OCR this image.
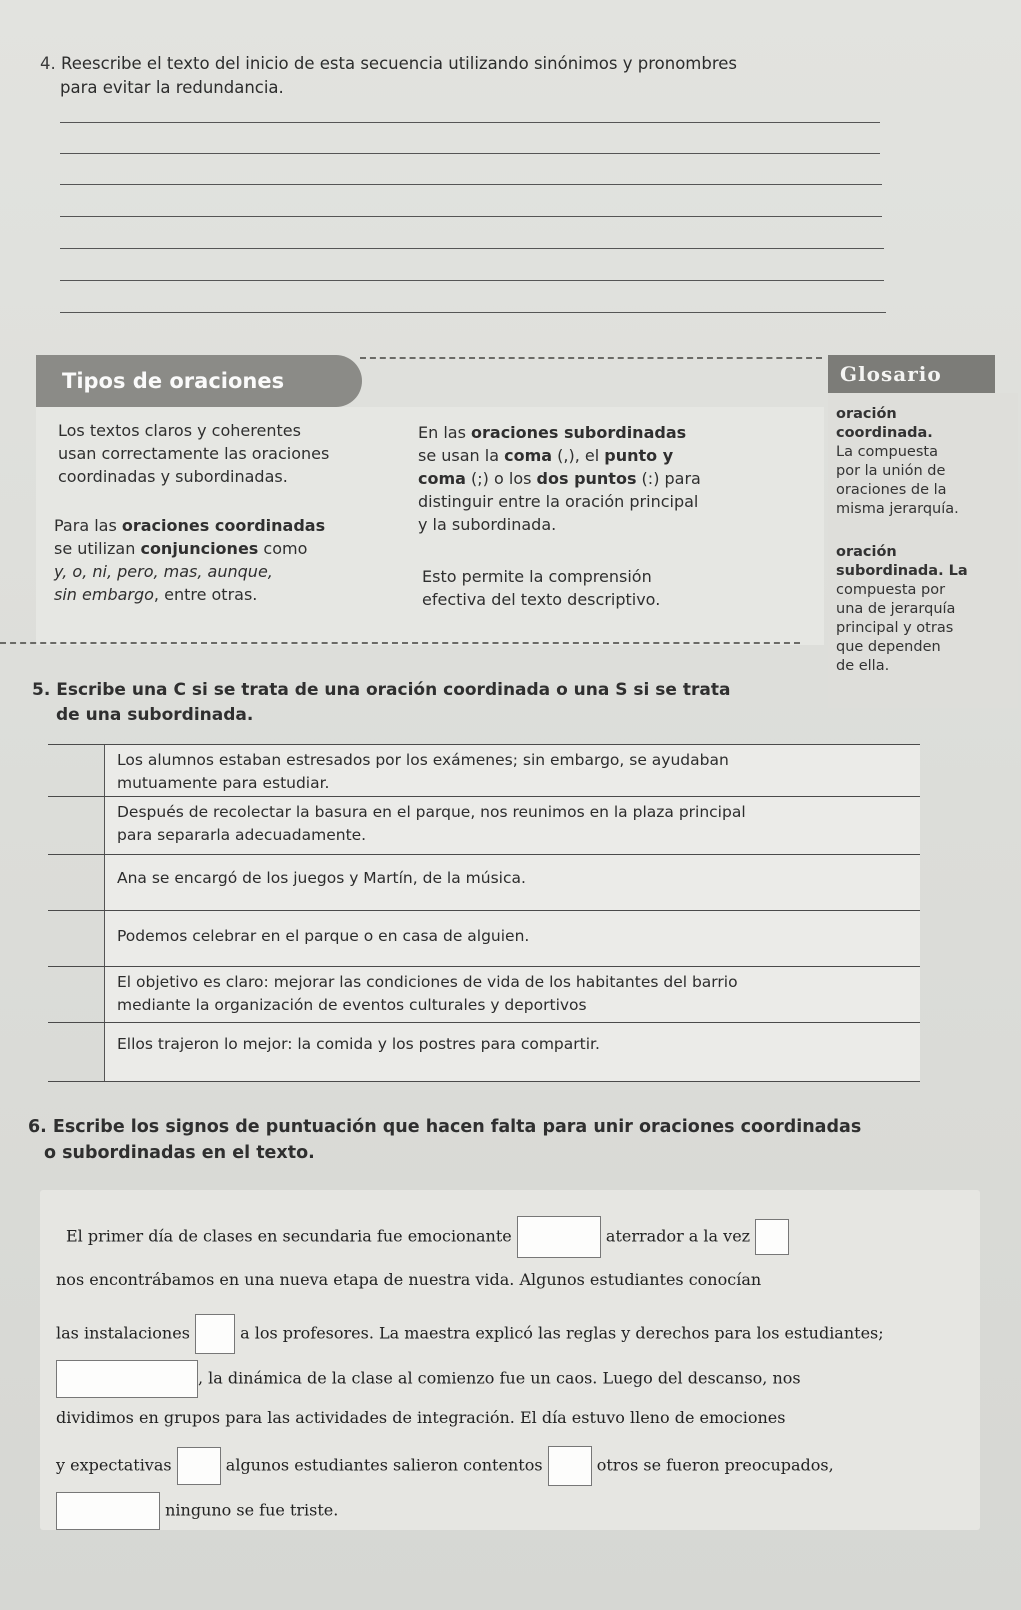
4. Reescribe el texto del inicio de esta secuencia utilizando sinónimos y pronombres
para evitar la redundancia.
Los textos claros y coherentes
usan correctamente las oraciones
coordinadas y subordinadas.
Para las oraciones coordinadas
se utilizan conjunciones como
y, o, ni, pero, mas, aunque,
sin embargo, entre otras.
En las oraciones subordinadas
se usan la coma (,), el punto y
coma (;) o los dos puntos (:) para
distinguir entre la oración principal
y la subordinada.
Esto permite la comprensión
efectiva del texto descriptivo.
Tipos de oraciones
oración
coordinada.
La compuesta
por la unión de
oraciones de la
misma jerarquía.
oración
subordinada. La
compuesta por
una de jerarquía
principal y otras
que dependen
de ella.
Glosario
5. Escribe una C si se trata de una oración coordinada o una S si se trata
de una subordinada.
Los alumnos estaban estresados por los exámenes; sin embargo, se ayudaban
mutuamente para estudiar.
Después de recolectar la basura en el parque, nos reunimos en la plaza principal
para separarla adecuadamente.
Ana se encargó de los juegos y Martín, de la música.
Podemos celebrar en el parque o en casa de alguien.
El objetivo es claro: mejorar las condiciones de vida de los habitantes del barrio
mediante la organización de eventos culturales y deportivos
Ellos trajeron lo mejor: la comida y los postres para compartir.
6. Escribe los signos de puntuación que hacen falta para unir oraciones coordinadas
o subordinadas en el texto.
El primer día de clases en secundaria fue emocionante	aterrador a la vez
nos encontrábamos en una nueva etapa de nuestra vida. Algunos estudiantes conocían
las instalaciones	a los profesores. La maestra explicó las reglas y derechos para los estudiantes;
, la dinámica de la clase al comienzo fue un caos. Luego del descanso, nos
dividimos en grupos para las actividades de integración. El día estuvo lleno de emociones
y expectativas	algunos estudiantes salieron contentos	otros se fueron preocupados,
ninguno se fue triste.
